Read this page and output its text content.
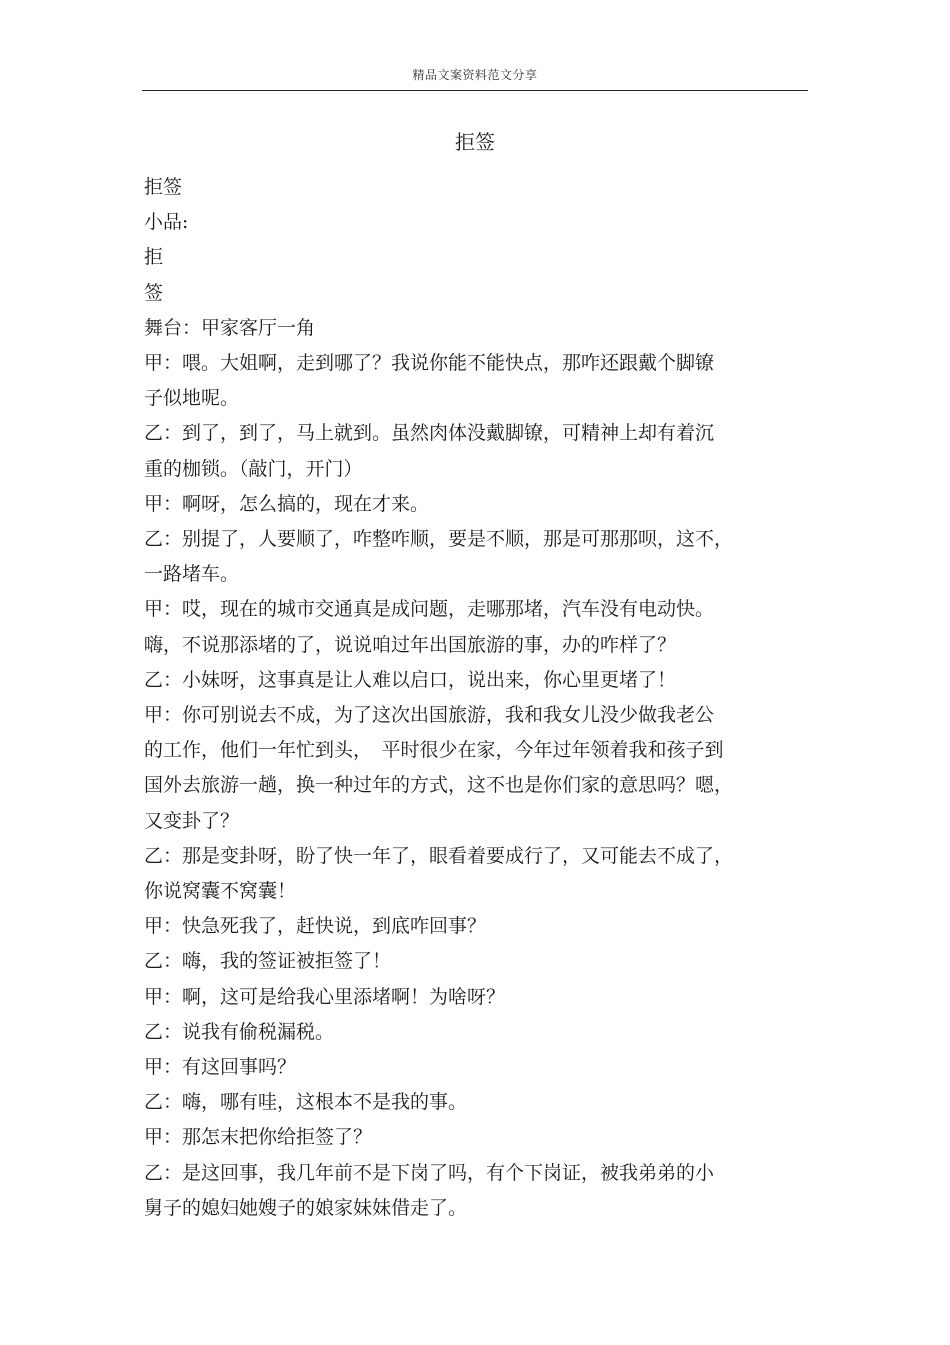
精品文案资料范文分享
拒签
拒签
小品:
拒
签
舞台：甲家客厅一角
甲：喂。大姐啊，走到哪了？我说你能不能快点，那咋还跟戴个脚镣
子似地呢。
乙：到了，到了，马上就到。虽然肉体没戴脚镣，可精神上却有着沉
重的枷锁。（敲门，开门）
甲：啊呀，怎么搞的，现在才来。
乙：别提了，人要顺了，咋整咋顺，要是不顺，那是可那那呗，这不，
一路堵车。
甲：哎，现在的城市交通真是成问题，走哪那堵，汽车没有电动快。
嗨，不说那添堵的了，说说咱过年出国旅游的事，办的咋样了？
乙：小妹呀，这事真是让人难以启口，说出来，你心里更堵了！
甲：你可别说去不成，为了这次出国旅游，我和我女儿没少做我老公
的工作，他们一年忙到头，　平时很少在家，今年过年领着我和孩子到
国外去旅游一趟，换一种过年的方式，这不也是你们家的意思吗？嗯，
又变卦了？
乙：那是变卦呀，盼了快一年了，眼看着要成行了，又可能去不成了，
你说窝囊不窝囊！
甲：快急死我了，赶快说，到底咋回事？
乙：嗨，我的签证被拒签了！
甲：啊，这可是给我心里添堵啊！为啥呀？
乙：说我有偷税漏税。
甲：有这回事吗？
乙：嗨，哪有哇，这根本不是我的事。
甲：那怎末把你给拒签了？
乙：是这回事，我几年前不是下岗了吗，有个下岗证，被我弟弟的小
舅子的媳妇她嫂子的娘家妹妹借走了。
